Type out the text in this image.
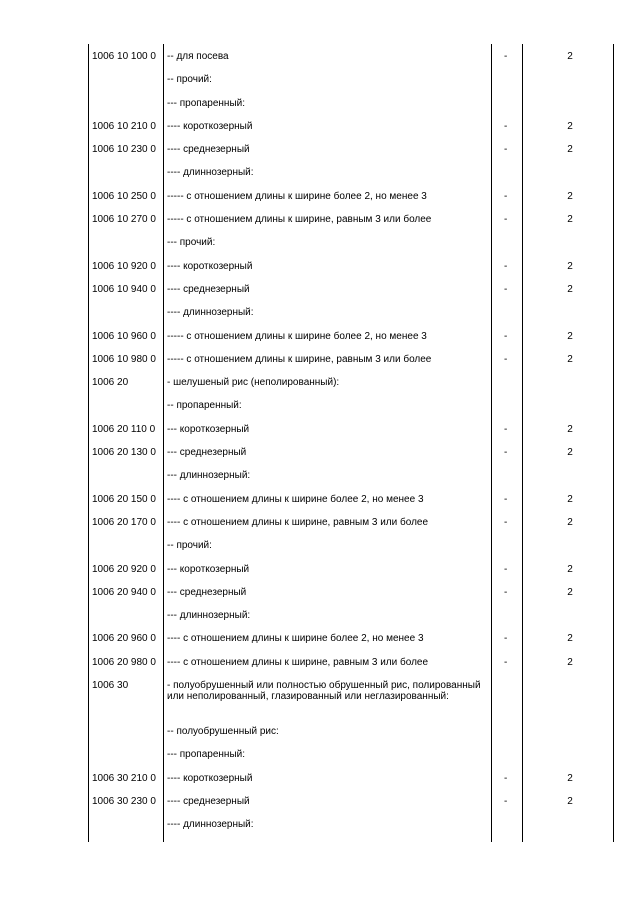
1006 10 100 0 -- для посева	-	2
-- прочий:
--- пропаренный:
1006 10 210 0 ---- короткозерный	-	2
1006 10 230 0 ---- среднезерный	-	2
---- длиннозерный:
1006 10 250 0 ----- с отношением длины к ширине более 2, но менее 3	-	2
1006 10 270 0 ----- с отношением длины к ширине, равным 3 или более	-	2
--- прочий:
1006 10 920 0 ---- короткозерный	-	2
1006 10 940 0 ---- среднезерный	-	2
---- длиннозерный:
1006 10 960 0 ----- с отношением длины к ширине более 2, но менее 3	-	2
1006 10 980 0 ----- с отношением длины к ширине, равным 3 или более	-	2
1006 20	- шелушеный рис (неполированный):
-- пропаренный:
1006 20 110 0 --- короткозерный	-	2
1006 20 130 0 --- среднезерный	-	2
--- длиннозерный:
1006 20 150 0 ---- с отношением длины к ширине более 2, но менее 3	-	2
1006 20 170 0 ---- с отношением длины к ширине, равным 3 или более	-	2
-- прочий:
1006 20 920 0 --- короткозерный	-	2
1006 20 940 0 --- среднезерный	-	2
--- длиннозерный:
1006 20 960 0 ---- с отношением длины к ширине более 2, но менее 3	-	2
1006 20 980 0 ---- с отношением длины к ширине, равным 3 или более	-	2
1006 30	- полуобрушенный или полностью обрушенный рис, полированный или неполированный, глазированный или неглазированный:
-- полуобрушенный рис:
--- пропаренный:
1006 30 210 0 ---- короткозерный	-	2
1006 30 230 0 ---- среднезерный	-	2
---- длиннозерный:
